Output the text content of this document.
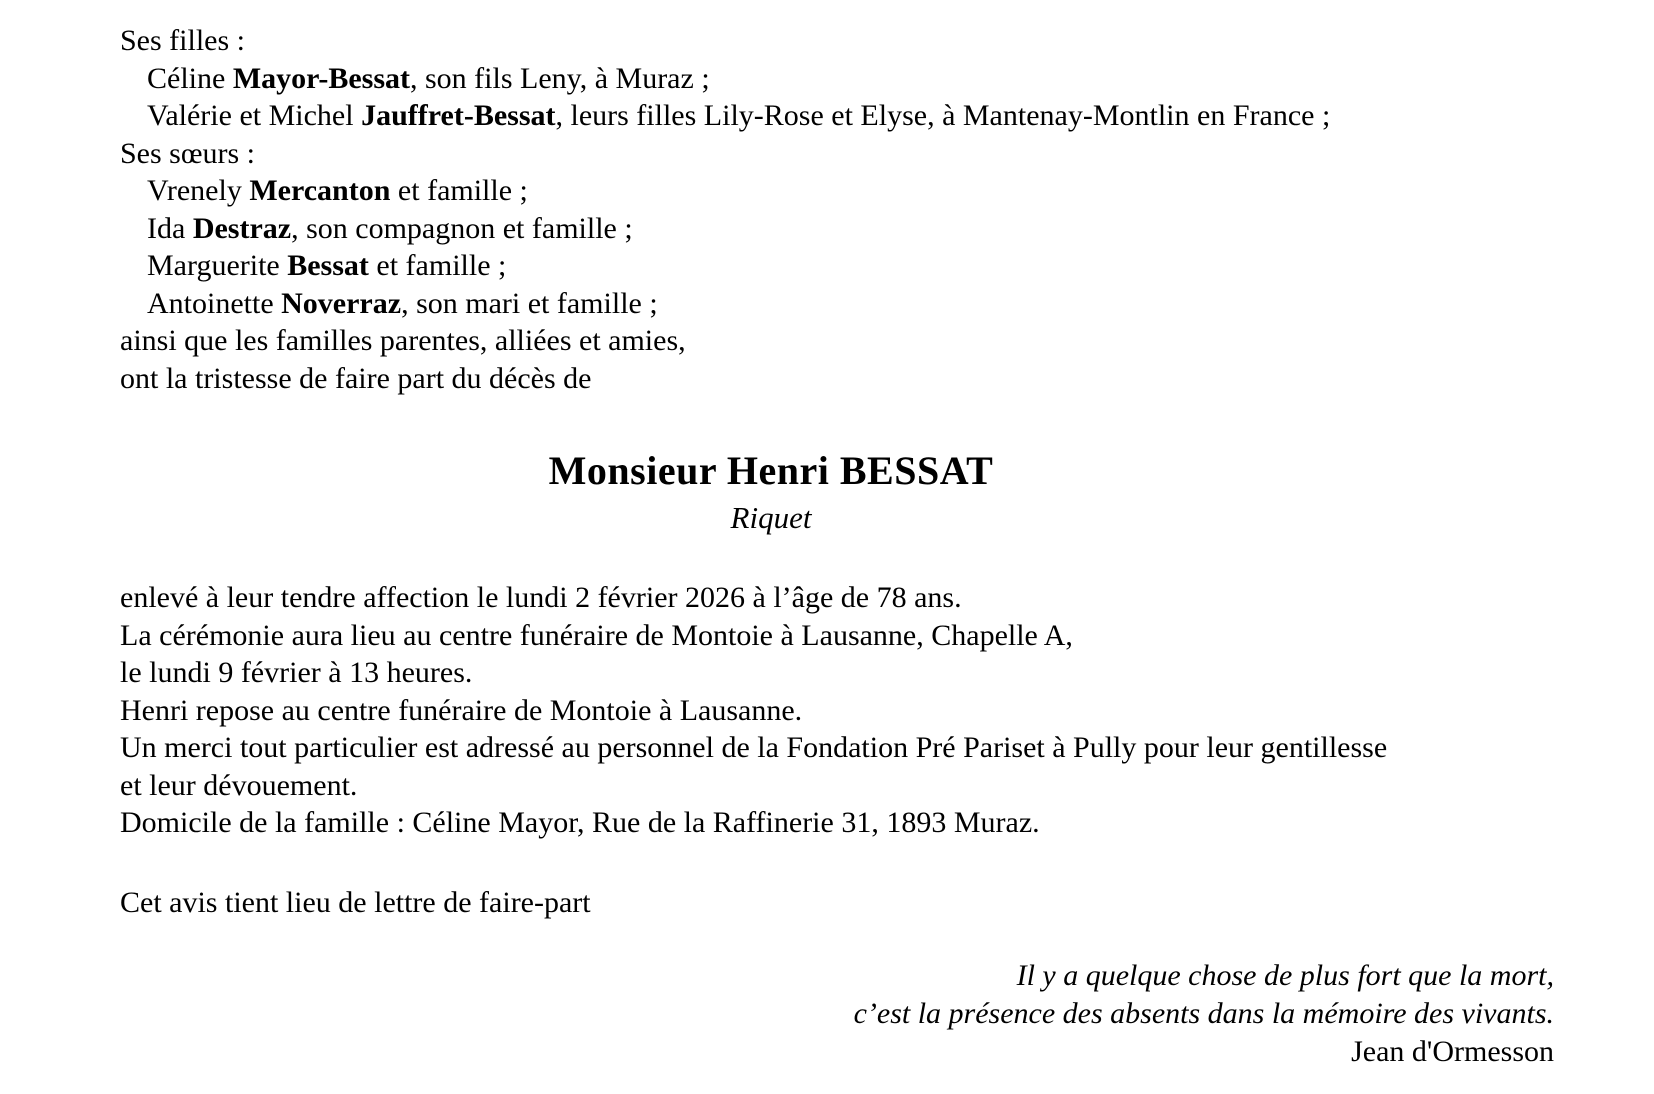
Ses filles :
Céline Mayor-Bessat, son fils Leny, à Muraz ;
Valérie et Michel Jauffret-Bessat, leurs filles Lily-Rose et Elyse, à Mantenay-Montlin en France ;
Ses sœurs :
Vrenely Mercanton et famille ;
Ida Destraz, son compagnon et famille ;
Marguerite Bessat et famille ;
Antoinette Noverraz, son mari et famille ;
ainsi que les familles parentes, alliées et amies,
ont la tristesse de faire part du décès de
Monsieur Henri BESSAT
Riquet
enlevé à leur tendre affection le lundi 2 février 2026 à l’âge de 78 ans.
La cérémonie aura lieu au centre funéraire de Montoie à Lausanne, Chapelle A,
le lundi 9 février à 13 heures.
Henri repose au centre funéraire de Montoie à Lausanne.
Un merci tout particulier est adressé au personnel de la Fondation Pré Pariset à Pully pour leur gentillesse
et leur dévouement.
Domicile de la famille : Céline Mayor, Rue de la Raffinerie 31, 1893 Muraz.
Cet avis tient lieu de lettre de faire-part
Il y a quelque chose de plus fort que la mort,
c’est la présence des absents dans la mémoire des vivants.
Jean d'Ormesson
